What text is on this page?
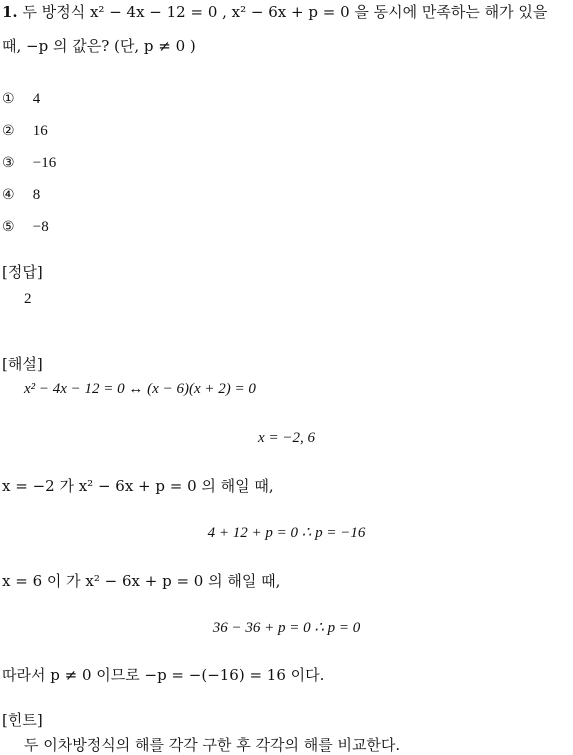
1. 두 방정식 x² − 4x − 12 = 0 , x² − 6x + p = 0 을 동시에 만족하는 해가 있을
때, −p 의 값은? (단, p ≠ 0 )
① 4
② 16
③ −16
④ 8
⑤ −8
[정답]
2
[해설]
x² − 4x − 12 = 0 ↔ (x − 6)(x + 2) = 0
x = −2, 6
x = −2 가 x² − 6x + p = 0 의 해일 때,
4 + 12 + p = 0 ∴ p = −16
x = 6 이 가 x² − 6x + p = 0 의 해일 때,
36 − 36 + p = 0 ∴ p = 0
따라서 p ≠ 0 이므로 −p = −(−16) = 16 이다.
[힌트]
두 이차방정식의 해를 각각 구한 후 각각의 해를 비교한다.
